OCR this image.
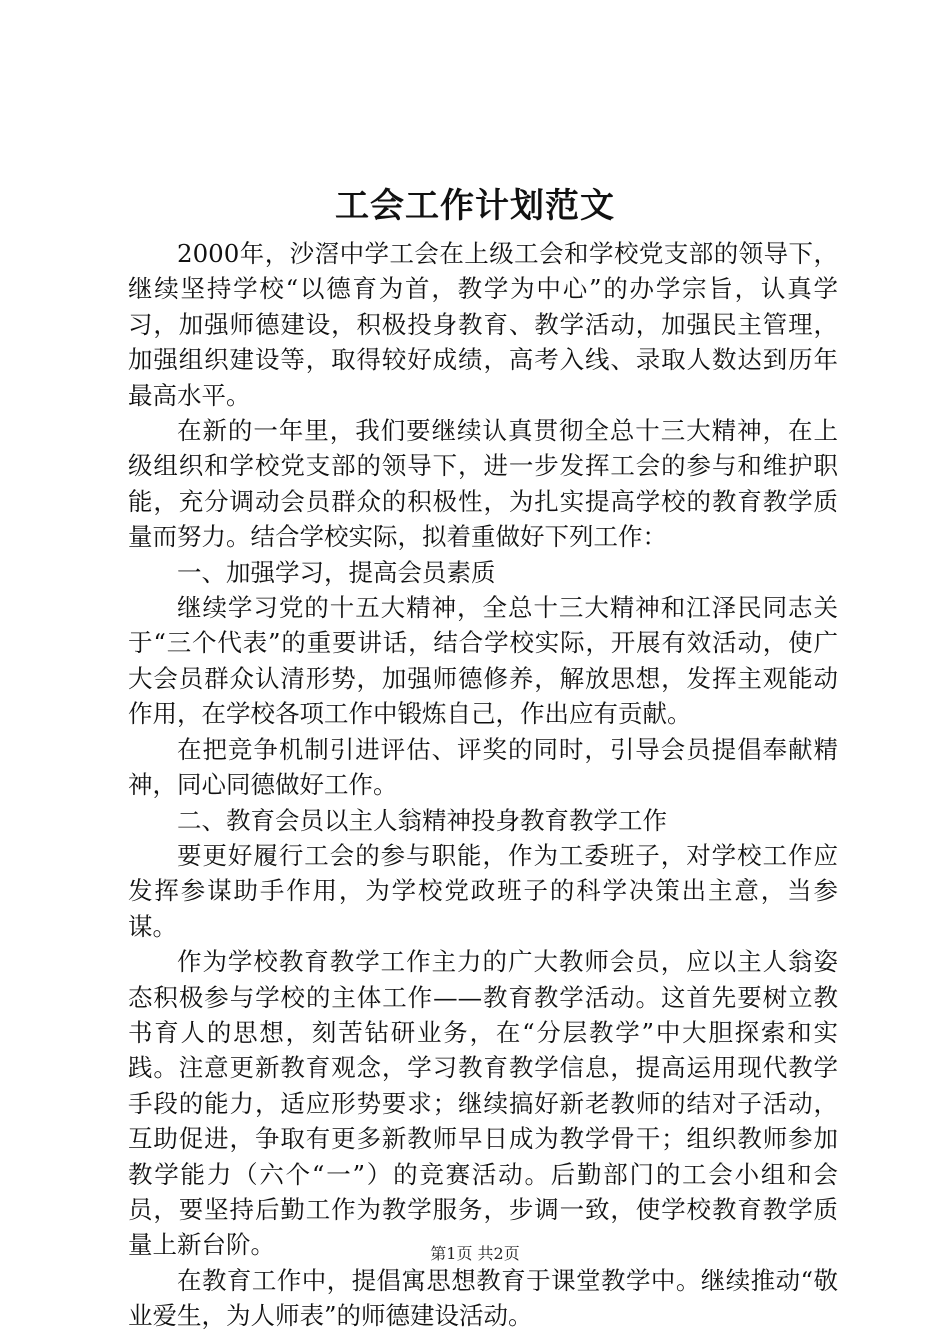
工会工作计划范文

2000年，沙滘中学工会在上级工会和学校党支部的领导下，继续坚持学校“以德育为首，教学为中心”的办学宗旨，认真学习，加强师德建设，积极投身教育、教学活动，加强民主管理，加强组织建设等，取得较好成绩，高考入线、录取人数达到历年最高水平。

在新的一年里，我们要继续认真贯彻全总十三大精神，在上级组织和学校党支部的领导下，进一步发挥工会的参与和维护职能，充分调动会员群众的积极性，为扎实提高学校的教育教学质量而努力。结合学校实际，拟着重做好下列工作：

一、加强学习，提高会员素质

继续学习党的十五大精神，全总十三大精神和江泽民同志关于“三个代表”的重要讲话，结合学校实际，开展有效活动，使广大会员群众认清形势，加强师德修养，解放思想，发挥主观能动作用，在学校各项工作中锻炼自己，作出应有贡献。

在把竞争机制引进评估、评奖的同时，引导会员提倡奉献精神，同心同德做好工作。

二、教育会员以主人翁精神投身教育教学工作

要更好履行工会的参与职能，作为工委班子，对学校工作应发挥参谋助手作用，为学校党政班子的科学决策出主意，当参谋。

作为学校教育教学工作主力的广大教师会员，应以主人翁姿态积极参与学校的主体工作——教育教学活动。这首先要树立教书育人的思想，刻苦钻研业务，在“分层教学”中大胆探索和实践。注意更新教育观念，学习教育教学信息，提高运用现代教学手段的能力，适应形势要求；继续搞好新老教师的结对子活动，互助促进，争取有更多新教师早日成为教学骨干；组织教师参加教学能力（六个“一”）的竞赛活动。后勤部门的工会小组和会员，要坚持后勤工作为教学服务，步调一致，使学校教育教学质量上新台阶。

在教育工作中，提倡寓思想教育于课堂教学中。继续推动“敬业爱生，为人师表”的师德建设活动。

第1页 共2页
